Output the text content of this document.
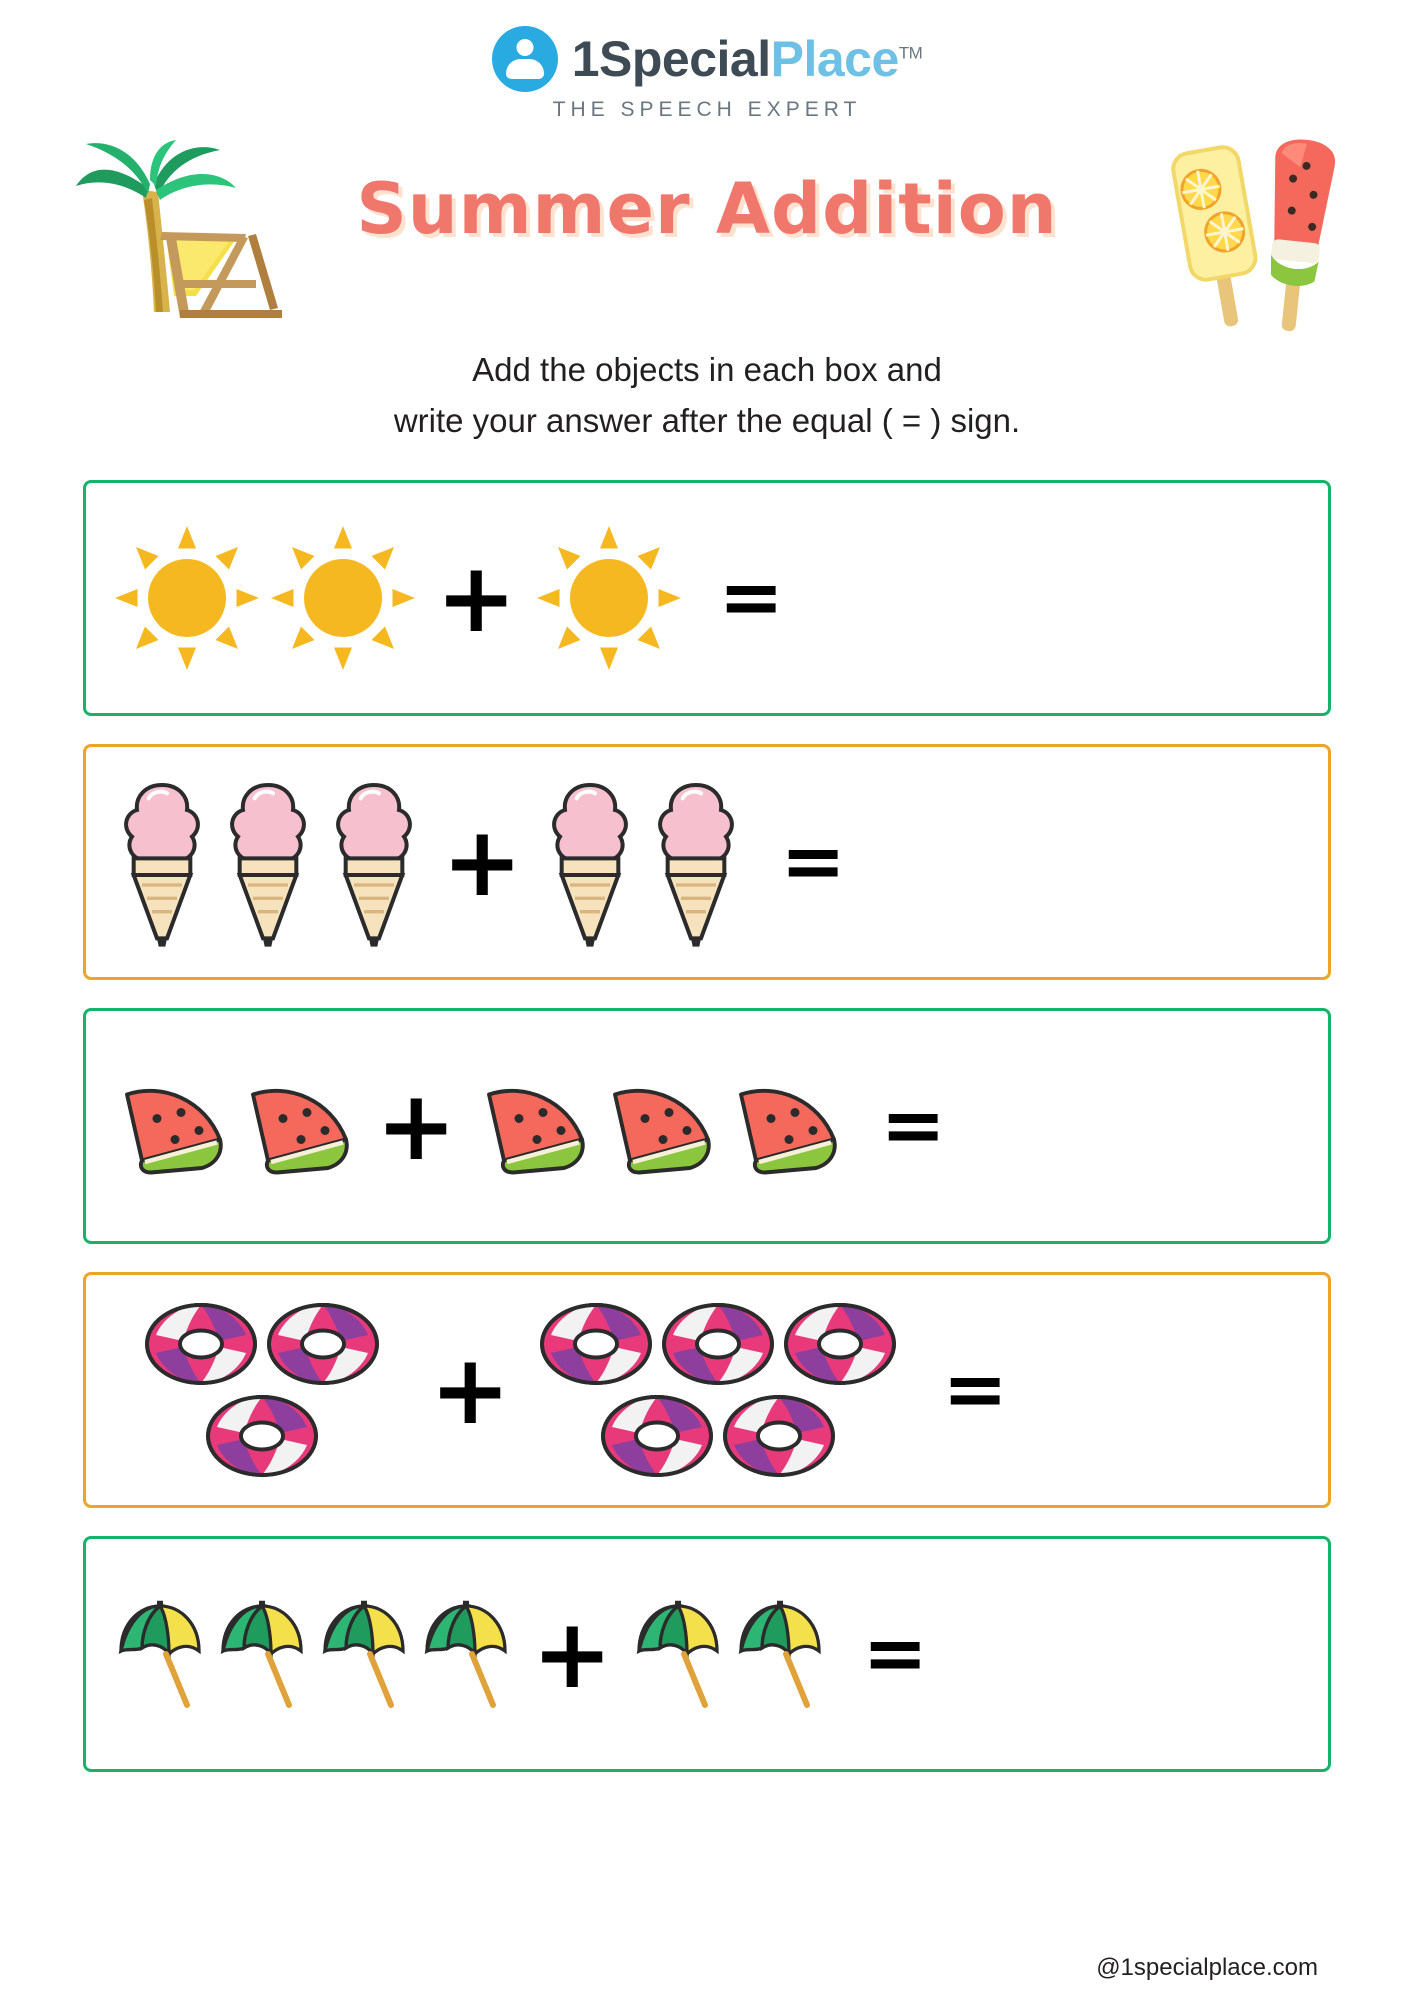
1SpecialPlace™
THE SPEECH EXPERT
Summer Addition
Add the objects in each box and
write your answer after the equal ( = ) sign.
+	=
+	=
+	=
+	=
+	=
@1specialplace.com
